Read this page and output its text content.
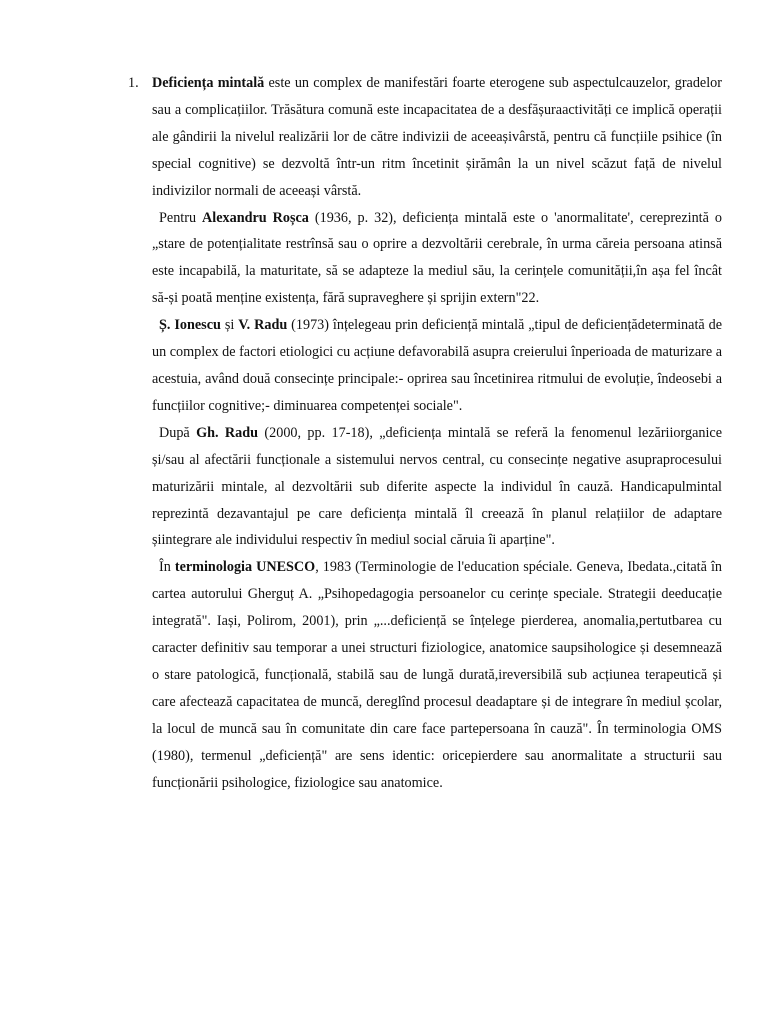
1. Deficiența mintală este un complex de manifestări foarte eterogene sub aspectulcauzelor, gradelor sau a complicațiilor. Trăsătura comună este incapacitatea de a desfășuraactivități ce implică operații ale gândirii la nivelul realizării lor de către indivizii de aceeașivârstă, pentru că funcțiile psihice (în special cognitive) se dezvoltă într-un ritm încetinit șirămân la un nivel scăzut față de nivelul indivizilor normali de aceeași vârstă.

Pentru Alexandru Roșca (1936, p. 32), deficiența mintală este o 'anormalitate', cereprezintă o „stare de potențialitate restrînsă sau o oprire a dezvoltării cerebrale, în urma căreia persoana atinsă este incapabilă, la maturitate, să se adapteze la mediul său, la cerințele comunității,în așa fel încât să-și poată menține existența, fără supraveghere și sprijin extern"22.

Ș. Ionescu și V. Radu (1973) înțelegeau prin deficiență mintală „tipul de deficiențădeterminată de un complex de factori etiologici cu acțiune defavorabilă asupra creierului înperioada de maturizare a acestuia, având două consecințe principale:- oprirea sau încetinirea ritmului de evoluție, îndeosebi a funcțiilor cognitive;- diminuarea competenței sociale".

După Gh. Radu (2000, pp. 17-18), „deficiența mintală se referă la fenomenul lezăriiorganice și/sau al afectării funcționale a sistemului nervos central, cu consecințe negative asupraprocesului maturizării mintale, al dezvoltării sub diferite aspecte la individul în cauză. Handicapulmintal reprezintă dezavantajul pe care deficiența mintală îl creează în planul relațiilor de adaptare șiintegrare ale individului respectiv în mediul social căruia îi aparține".

În terminologia UNESCO, 1983 (Terminologie de l'education spéciale. Geneva, Ibedata.,citată în cartea autorului Gherguț A. „Psihopedagogia persoanelor cu cerințe speciale. Strategii deeducație integrată". Iași, Polirom, 2001), prin „...deficiență se înțelege pierderea, anomalia,pertutbarea cu caracter definitiv sau temporar a unei structuri fiziologice, anatomice saupsihologice și desemnează o stare patologică, funcțională, stabilă sau de lungă durată,ireversibilă sub acțiunea terapeutică și care afectează capacitatea de muncă, dereglînd procesul deadaptare și de integrare în mediul școlar, la locul de muncă sau în comunitate din care face partepersoana în cauză". În terminologia OMS (1980), termenul „deficiență" are sens identic: oricepierdere sau anormalitate a structurii sau funcționării psihologice, fiziologice sau anatomice.
